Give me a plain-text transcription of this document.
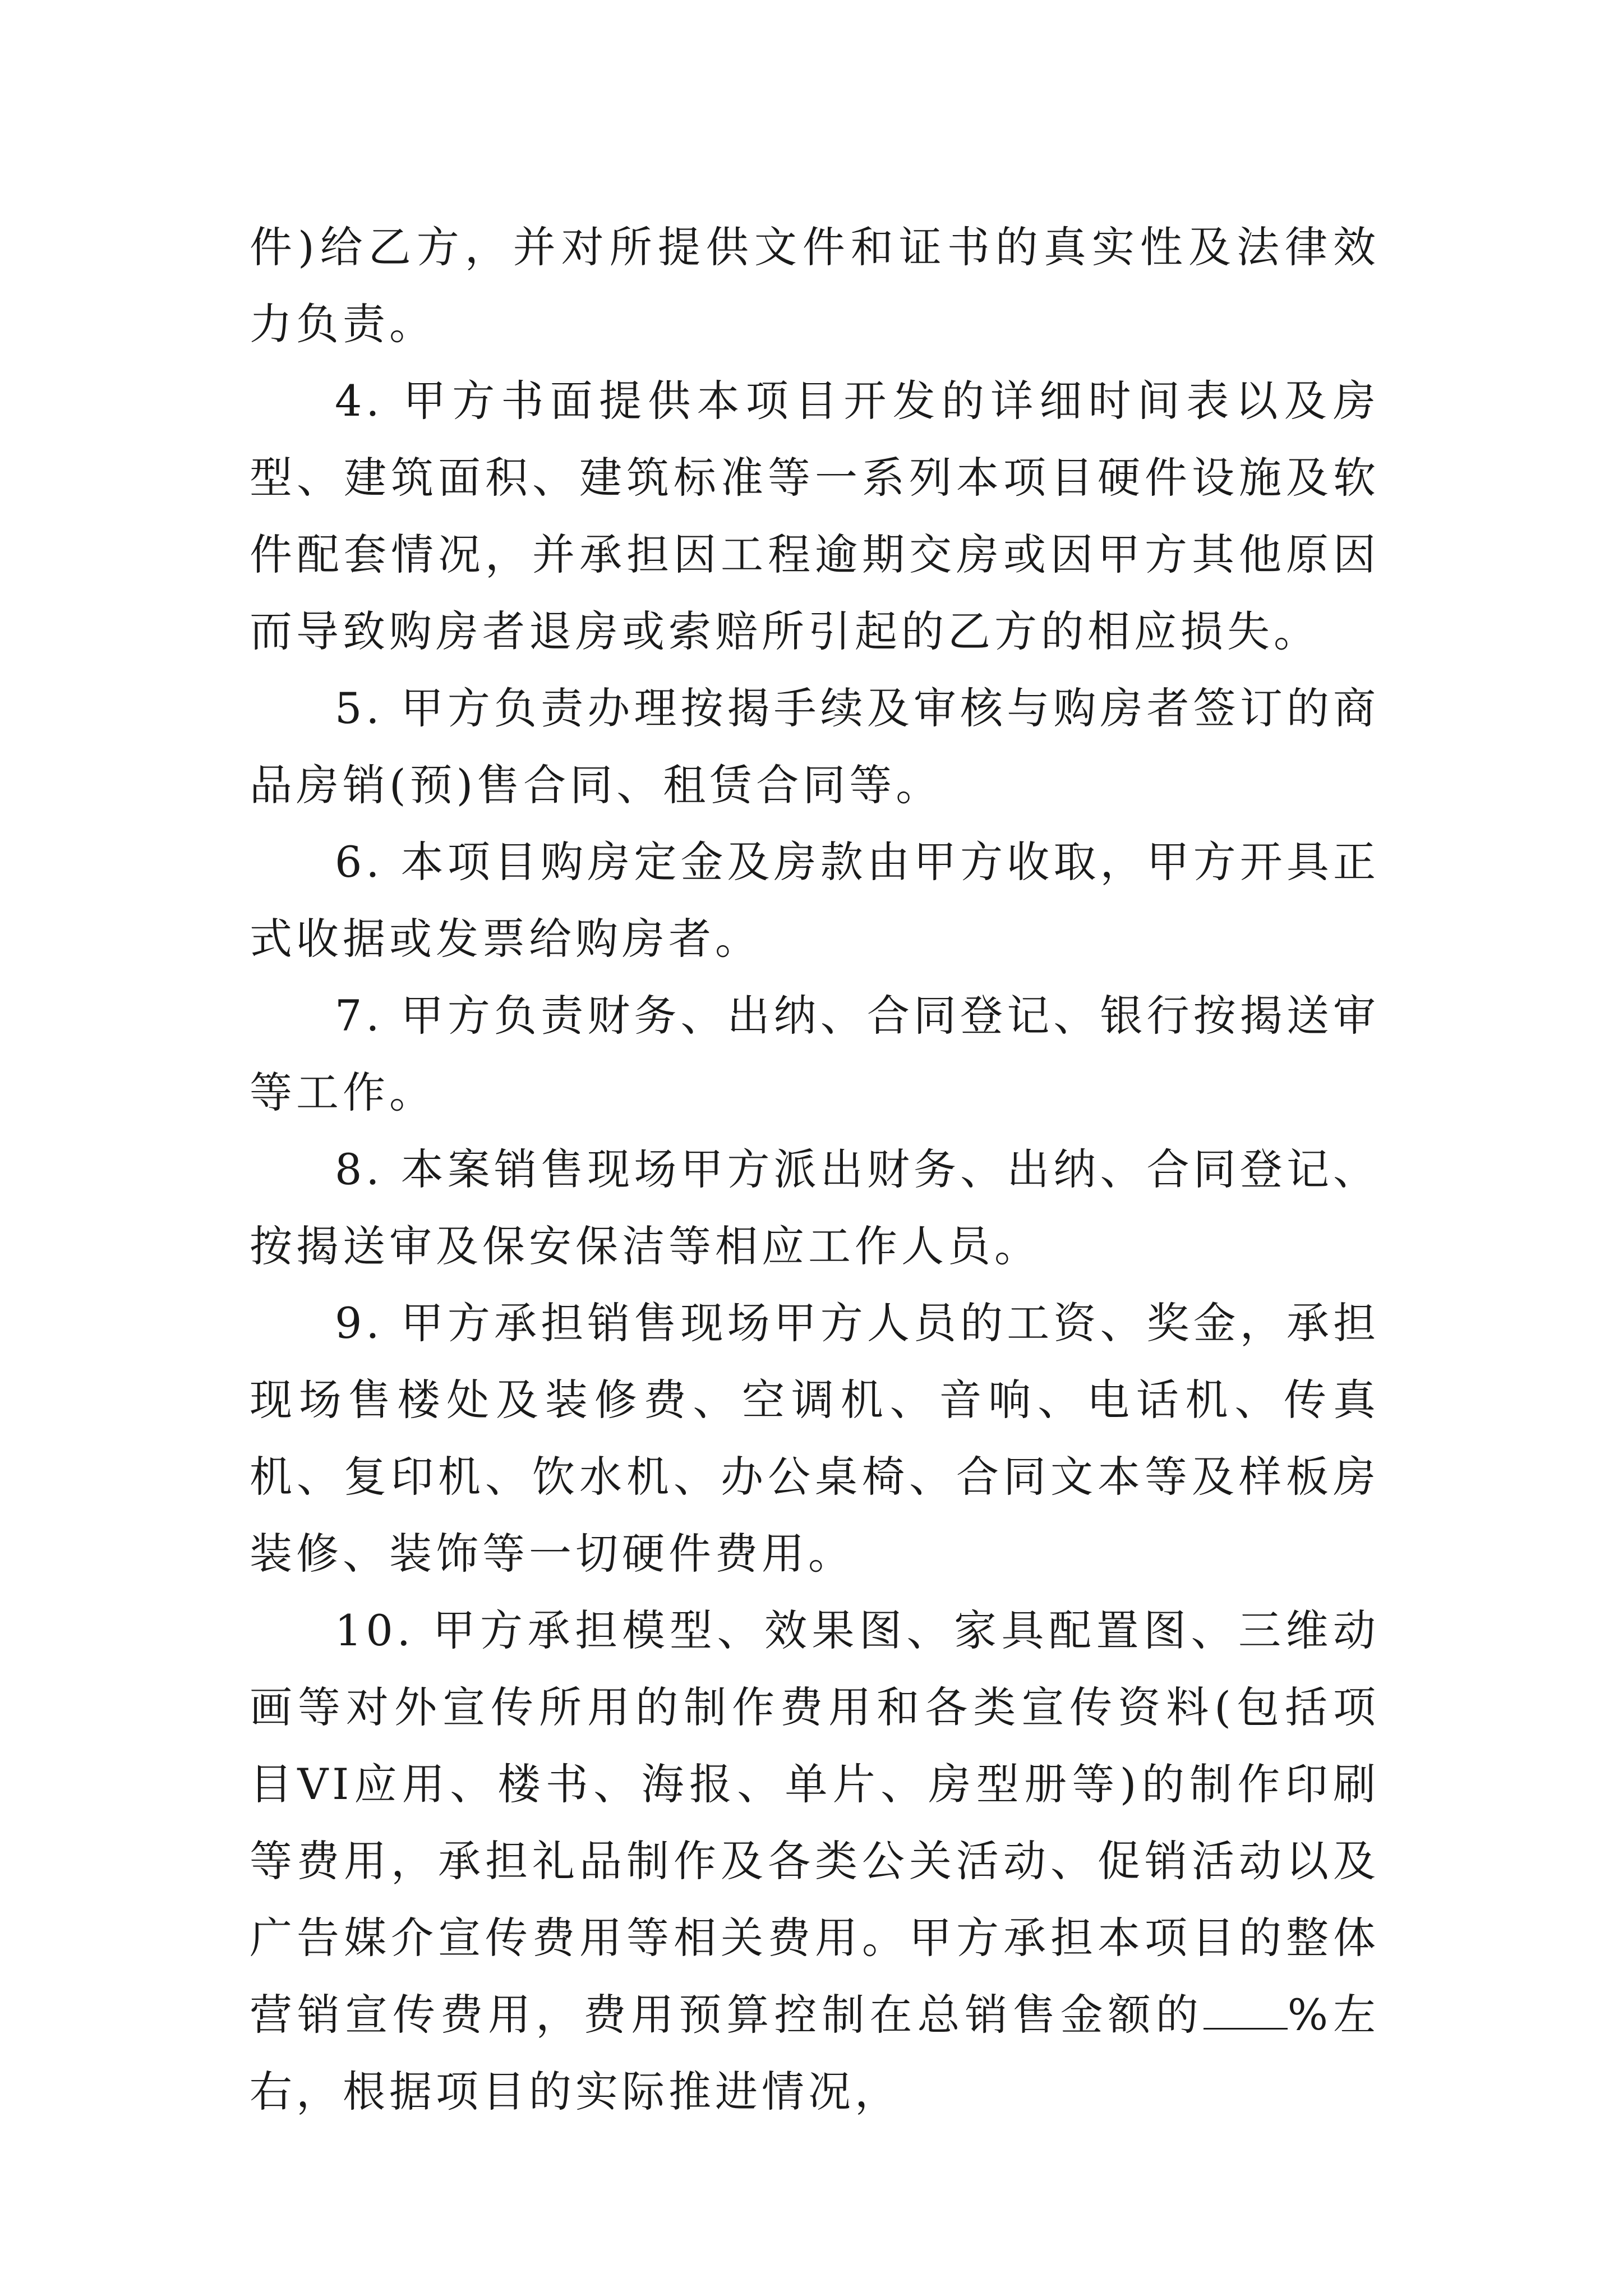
件)给乙方，并对所提供文件和证书的真实性及法律效力负责。

4. 甲方书面提供本项目开发的详细时间表以及房型、建筑面积、建筑标准等一系列本项目硬件设施及软件配套情况，并承担因工程逾期交房或因甲方其他原因而导致购房者退房或索赔所引起的乙方的相应损失。

5. 甲方负责办理按揭手续及审核与购房者签订的商品房销(预)售合同、租赁合同等。

6. 本项目购房定金及房款由甲方收取，甲方开具正式收据或发票给购房者。

7. 甲方负责财务、出纳、合同登记、银行按揭送审等工作。

8. 本案销售现场甲方派出财务、出纳、合同登记、按揭送审及保安保洁等相应工作人员。

9. 甲方承担销售现场甲方人员的工资、奖金，承担现场售楼处及装修费、空调机、音响、电话机、传真机、复印机、饮水机、办公桌椅、合同文本等及样板房装修、装饰等一切硬件费用。

10. 甲方承担模型、效果图、家具配置图、三维动画等对外宣传所用的制作费用和各类宣传资料(包括项目VI应用、楼书、海报、单片、房型册等)的制作印刷等费用，承担礼品制作及各类公关活动、促销活动以及广告媒介宣传费用等相关费用。甲方承担本项目的整体营销宣传费用，费用预算控制在总销售金额的 %左右，根据项目的实际推进情况，
